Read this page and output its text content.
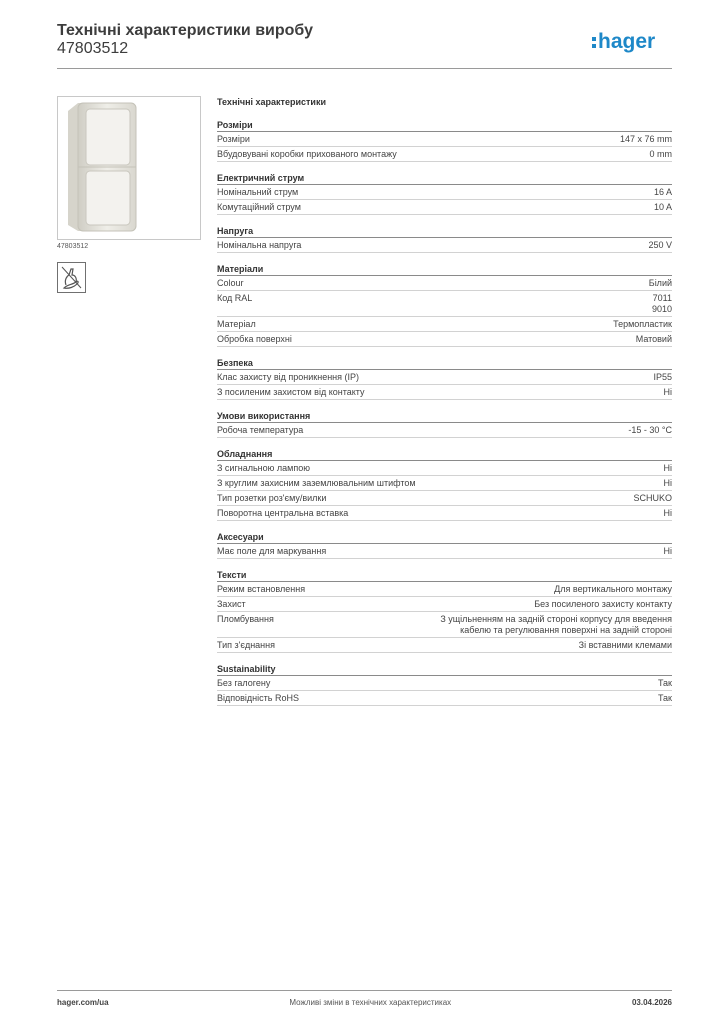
Технічні характеристики виробу
47803512	hager
47803512
Технічні характеристики
Розміри
Розміри	147 x 76 mm
Вбудовувані коробки прихованого монтажу	0 mm
Електричний струм
Номінальний струм	16 A
Комутаційний струм	10 A
Напруга
Номінальна напруга	250 V
Матеріали
Colour	Білий
Код RAL	7011
9010
Матеріал	Термопластик
Обробка поверхні	Матовий
Безпека
Клас захисту від проникнення (IP)	IP55
З посиленим захистом від контакту	Ні
Умови використання
Робоча температура	-15 - 30 °C
Обладнання
З сигнальною лампою	Ні
З круглим захисним заземлювальним штифтом	Ні
Тип розетки роз'єму/вилки	SCHUKO
Поворотна центральна вставка	Ні
Аксесуари
Має поле для маркування	Ні
Тексти
Режим встановлення	Для вертикального монтажу
Захист	Без посиленого захисту контакту
Пломбування	З ущільненням на задній стороні корпусу для введення кабелю та регулювання поверхні на задній стороні
Тип з'єднання	Зі вставними клемами
Sustainability
Без галогену	Так
Відповідність RoHS	Так
hager.com/ua	Можливі зміни в технічних характеристиках	03.04.2026
